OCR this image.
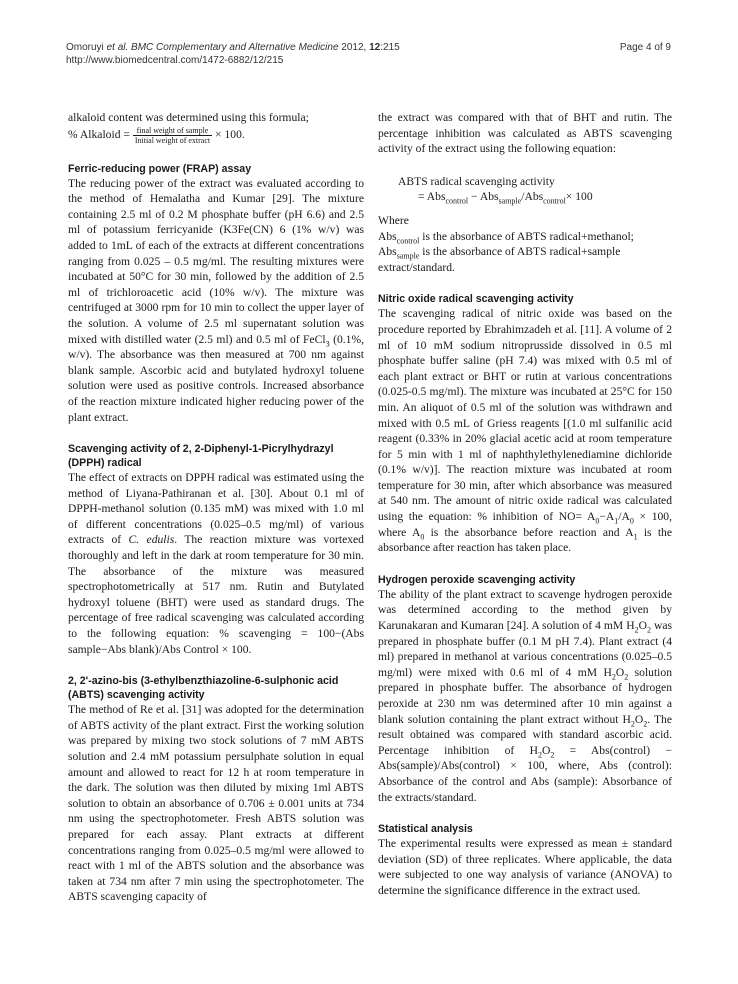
Omoruyi et al. BMC Complementary and Alternative Medicine 2012, 12:215
http://www.biomedcentral.com/1472-6882/12/215
Page 4 of 9

alkaloid content was determined using this formula;
% Alkaloid = $\frac{\text{final weight of sample}}{\text{Initial weight of extract}} \times 100$.

Ferric-reducing power (FRAP) assay

The reducing power of the extract was evaluated according to the method of Hemalatha and Kumar [29]. The mixture containing 2.5 ml of 0.2 M phosphate buffer (pH 6.6) and 2.5 ml of potassium ferricyanide (K3Fe(CN) 6 (1% w/v) was added to 1mL of each of the extracts at different concentrations ranging from 0.025 – 0.5 mg/ml. The resulting mixtures were incubated at 50°C for 30 min, followed by the addition of 2.5 ml of trichloroacetic acid (10% w/v). The mixture was centrifuged at 3000 rpm for 10 min to collect the upper layer of the solution. A volume of 2.5 ml supernatant solution was mixed with distilled water (2.5 ml) and 0.5 ml of FeCl$_3$ (0.1%, w/v). The absorbance was then measured at 700 nm against blank sample. Ascorbic acid and butylated hydroxyl toluene solution were used as positive controls. Increased absorbance of the reaction mixture indicated higher reducing power of the plant extract.

Scavenging activity of 2, 2-Diphenyl-1-Picrylhydrazyl (DPPH) radical

The effect of extracts on DPPH radical was estimated using the method of Liyana-Pathiranan et al. [30]. About 0.1 ml of DPPH-methanol solution (0.135 mM) was mixed with 1.0 ml of different concentrations (0.025–0.5 mg/ml) of various extracts of C. edulis. The reaction mixture was vortexed thoroughly and left in the dark at room temperature for 30 min. The absorbance of the mixture was measured spectrophotometrically at 517 nm. Rutin and Butylated hydroxyl toluene (BHT) were used as standard drugs. The percentage of free radical scavenging was calculated according to the following equation: % scavenging = 100−(Abs sample−Abs blank)/Abs Control × 100.

2, 2'-azino-bis (3-ethylbenzthiazoline-6-sulphonic acid (ABTS) scavenging activity

The method of Re et al. [31] was adopted for the determination of ABTS activity of the plant extract. First the working solution was prepared by mixing two stock solutions of 7 mM ABTS solution and 2.4 mM potassium persulphate solution in equal amount and allowed to react for 12 h at room temperature in the dark. The solution was then diluted by mixing 1ml ABTS solution to obtain an absorbance of 0.706 ± 0.001 units at 734 nm using the spectrophotometer. Fresh ABTS solution was prepared for each assay. Plant extracts at different concentrations ranging from 0.025–0.5 mg/ml were allowed to react with 1 ml of the ABTS solution and the absorbance was taken at 734 nm after 7 min using the spectrophotometer. The ABTS scavenging capacity of

the extract was compared with that of BHT and rutin. The percentage inhibition was calculated as ABTS scavenging activity of the extract using the following equation:

ABTS radical scavenging activity
= Abs$_{control}$ − Abs$_{sample}$/Abs$_{control}$× 100
Where
Abs$_{control}$ is the absorbance of ABTS radical+methanol;
Abs$_{sample}$ is the absorbance of ABTS radical+sample extract/standard.
Nitric oxide radical scavenging activity

The scavenging radical of nitric oxide was based on the procedure reported by Ebrahimzadeh et al. [11]. A volume of 2 ml of 10 mM sodium nitroprusside dissolved in 0.5 ml phosphate buffer saline (pH 7.4) was mixed with 0.5 ml of each plant extract or BHT or rutin at various concentrations (0.025-0.5 mg/ml). The mixture was incubated at 25°C for 150 min. An aliquot of 0.5 ml of the solution was withdrawn and mixed with 0.5 mL of Griess reagents [(1.0 ml sulfanilic acid reagent (0.33% in 20% glacial acetic acid at room temperature for 5 min with 1 ml of naphthylethylenediamine dichloride (0.1% w/v)]. The reaction mixture was incubated at room temperature for 30 min, after which absorbance was measured at 540 nm. The amount of nitric oxide radical was calculated using the equation: % inhibition of $NO= A_0-A_1/A_0 \times 100$, where $A_0$ is the absorbance before reaction and $A_1$ is the absorbance after reaction has taken place.

Hydrogen peroxide scavenging activity

The ability of the plant extract to scavenge hydrogen peroxide was determined according to the method given by Karunakaran and Kumaran [24]. A solution of 4 mM $H_2O_2$ was prepared in phosphate buffer (0.1 M pH 7.4). Plant extract (4 ml) prepared in methanol at various concentrations (0.025–0.5 mg/ml) were mixed with 0.6 ml of 4 mM $H_2O_2$ solution prepared in phosphate buffer. The absorbance of hydrogen peroxide at 230 nm was determined after 10 min against a blank solution containing the plant extract without $H_2O_2$. The result obtained was compared with standard ascorbic acid. Percentage inhibition of $H_2O_2$ = Abs(control) − Abs(sample)/Abs(control) × 100, where, Abs (control): Absorbance of the control and Abs (sample): Absorbance of the extracts/standard.

Statistical analysis

The experimental results were expressed as mean ± standard deviation (SD) of three replicates. Where applicable, the data were subjected to one way analysis of variance (ANOVA) to determine the significance difference in the extract used.
